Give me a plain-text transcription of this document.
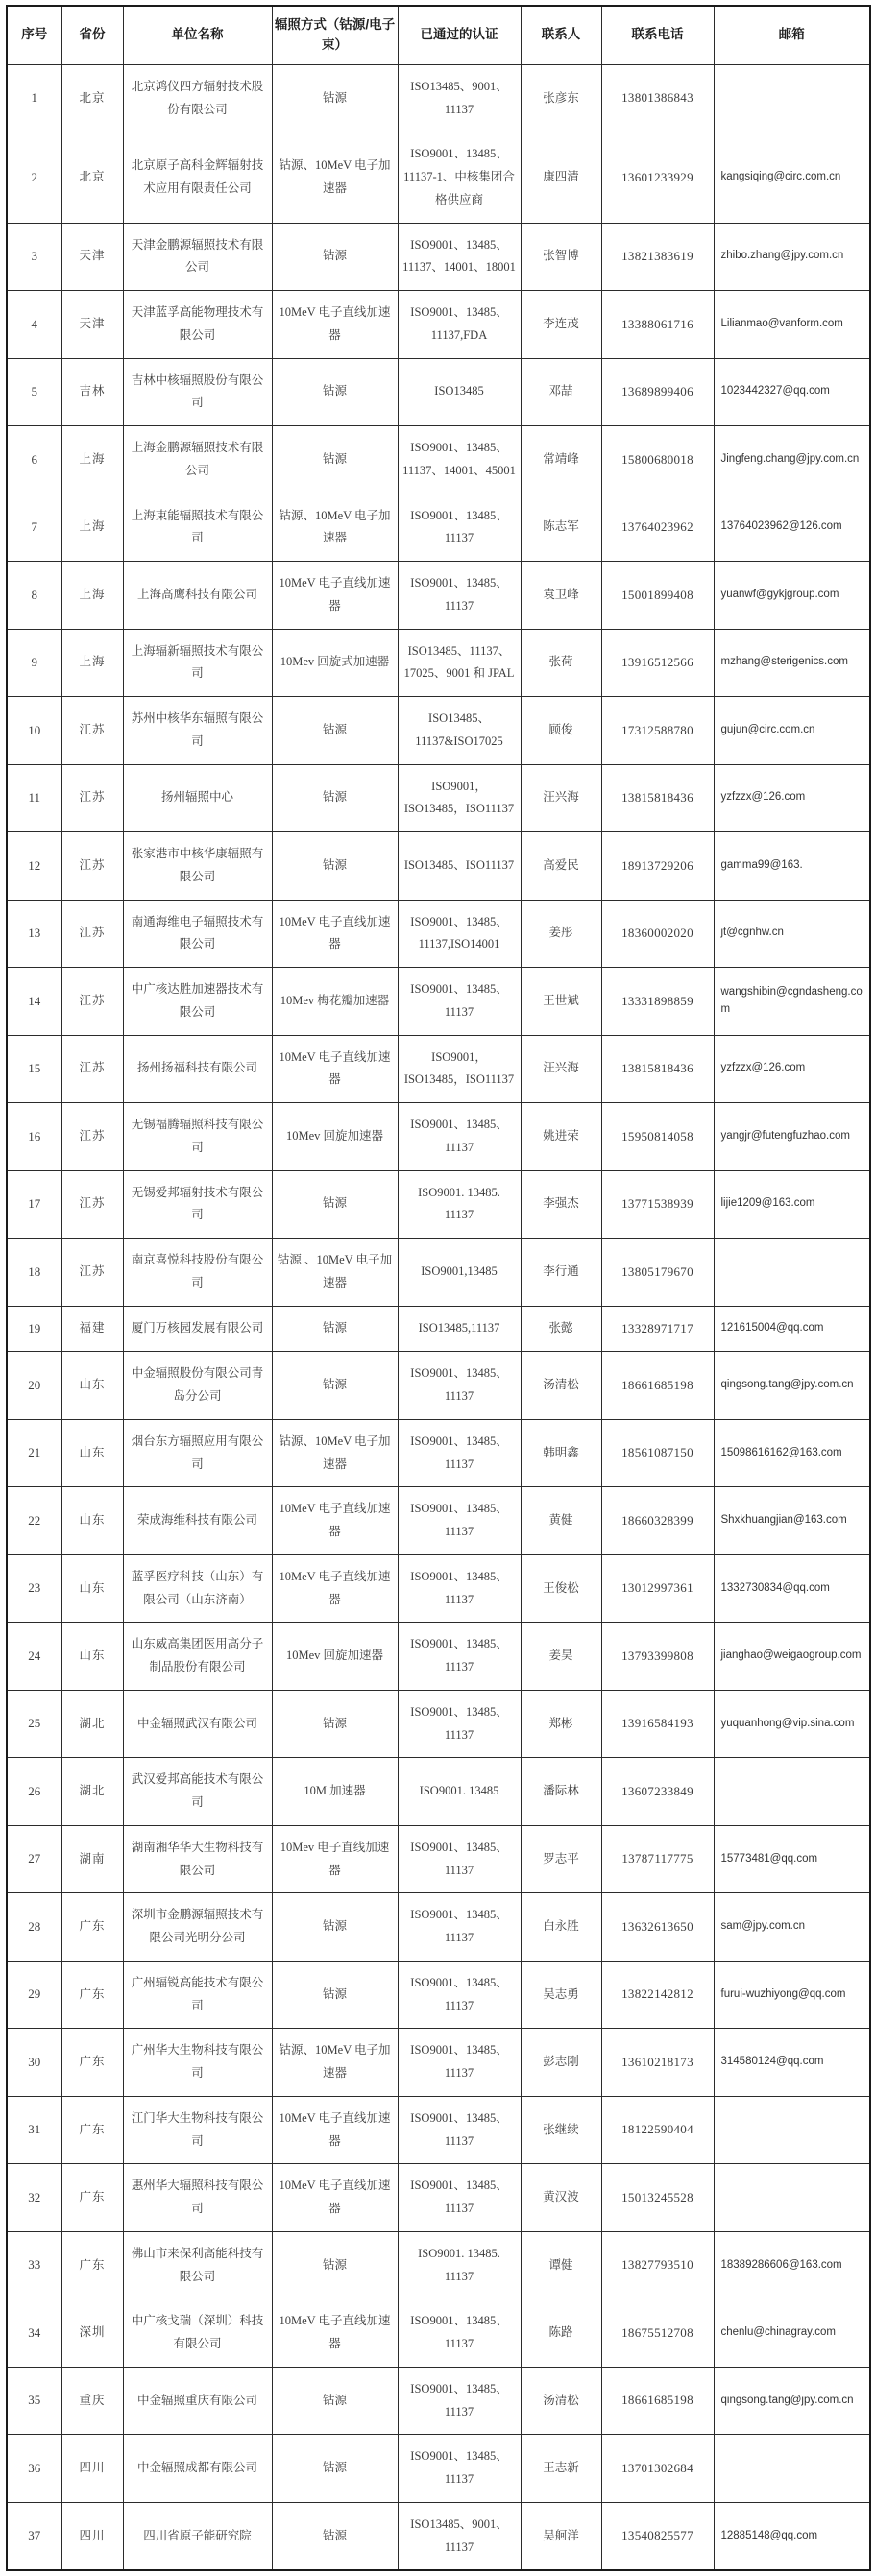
序号	省份	单位名称	辐照方式（钴源/电子束）	已通过的认证	联系人	联系电话	邮箱
1	北京	北京鸿仪四方辐射技术股份有限公司	钴源	ISO13485、9001、11137	张彦东	13801386843	
2	北京	北京原子高科金辉辐射技术应用有限责任公司	钴源、10MeV 电子加速器	ISO9001、13485、11137-1、中核集团合格供应商	康四清	13601233929	kangsiqing@circ.com.cn
3	天津	天津金鹏源辐照技术有限公司	钴源	ISO9001、13485、11137、14001、18001	张智博	13821383619	zhibo.zhang@jpy.com.cn
4	天津	天津蓝孚高能物理技术有限公司	10MeV 电子直线加速器	ISO9001、13485、11137,FDA	李连茂	13388061716	Lilianmao@vanform.com
5	吉林	吉林中核辐照股份有限公司	钴源	ISO13485	邓喆	13689899406	1023442327@qq.com
6	上海	上海金鹏源辐照技术有限公司	钴源	ISO9001、13485、11137、14001、45001	常靖峰	15800680018	Jingfeng.chang@jpy.com.cn
7	上海	上海束能辐照技术有限公司	钴源、10MeV 电子加速器	ISO9001、13485、11137	陈志军	13764023962	13764023962@126.com
8	上海	上海高鹰科技有限公司	10MeV 电子直线加速器	ISO9001、13485、11137	袁卫峰	15001899408	yuanwf@gykjgroup.com
9	上海	上海辐新辐照技术有限公司	10Mev 回旋式加速器	ISO13485、11137、17025、9001 和 JPAL	张荷	13916512566	mzhang@sterigenics.com
10	江苏	苏州中核华东辐照有限公司	钴源	ISO13485、11137&ISO17025	顾俊	17312588780	gujun@circ.com.cn
11	江苏	扬州辐照中心	钴源	ISO9001，ISO13485，ISO11137	汪兴海	13815818436	yzfzzx@126.com
12	江苏	张家港市中核华康辐照有限公司	钴源	ISO13485、ISO11137	高爱民	18913729206	gamma99@163.
13	江苏	南通海维电子辐照技术有限公司	10MeV 电子直线加速器	ISO9001、13485、11137,ISO14001	姜彤	18360002020	jt@cgnhw.cn
14	江苏	中广核达胜加速器技术有限公司	10Mev 梅花瓣加速器	ISO9001、13485、11137	王世斌	13331898859	wangshibin@cgndasheng.com
15	江苏	扬州扬福科技有限公司	10MeV 电子直线加速器	ISO9001，ISO13485，ISO11137	汪兴海	13815818436	yzfzzx@126.com
16	江苏	无锡福腾辐照科技有限公司	10Mev 回旋加速器	ISO9001、13485、11137	姚进荣	15950814058	yangjr@futengfuzhao.com
17	江苏	无锡爱邦辐射技术有限公司	钴源	ISO9001. 13485. 11137	李强杰	13771538939	lijie1209@163.com
18	江苏	南京喜悦科技股份有限公司	钴源 、10MeV 电子加速器	ISO9001,13485	李行通	13805179670	
19	福建	厦门万核园发展有限公司	钴源	ISO13485,11137	张懿	13328971717	121615004@qq.com
20	山东	中金辐照股份有限公司青岛分公司	钴源	ISO9001、13485、11137	汤清松	18661685198	qingsong.tang@jpy.com.cn
21	山东	烟台东方辐照应用有限公司	钴源、10MeV 电子加速器	ISO9001、13485、11137	韩明鑫	18561087150	15098616162@163.com
22	山东	荣成海维科技有限公司	10MeV 电子直线加速器	ISO9001、13485、11137	黄健	18660328399	Shxkhuangjian@163.com
23	山东	蓝孚医疗科技（山东）有限公司（山东济南）	10MeV 电子直线加速器	ISO9001、13485、11137	王俊松	13012997361	1332730834@qq.com
24	山东	山东威高集团医用高分子制品股份有限公司	10Mev 回旋加速器	ISO9001、13485、11137	姜昊	13793399808	jianghao@weigaogroup.com
25	湖北	中金辐照武汉有限公司	钴源	ISO9001、13485、11137	郑彬	13916584193	yuquanhong@vip.sina.com
26	湖北	武汉爱邦高能技术有限公司	10M 加速器	ISO9001. 13485	潘际林	13607233849	
27	湖南	湖南湘华华大生物科技有限公司	10Mev 电子直线加速器	ISO9001、13485、11137	罗志平	13787117775	15773481@qq.com
28	广东	深圳市金鹏源辐照技术有限公司光明分公司	钴源	ISO9001、13485、11137	白永胜	13632613650	sam@jpy.com.cn
29	广东	广州辐锐高能技术有限公司	钴源	ISO9001、13485、11137	吴志勇	13822142812	furui-wuzhiyong@qq.com
30	广东	广州华大生物科技有限公司	钴源、10MeV 电子加速器	ISO9001、13485、11137	彭志刚	13610218173	314580124@qq.com
31	广东	江门华大生物科技有限公司	10MeV 电子直线加速器	ISO9001、13485、11137	张继续	18122590404	
32	广东	惠州华大辐照科技有限公司	10MeV 电子直线加速器	ISO9001、13485、11137	黄汉波	15013245528	
33	广东	佛山市来保利高能科技有限公司	钴源	ISO9001. 13485. 11137	谭健	13827793510	18389286606@163.com
34	深圳	中广核戈瑞（深圳）科技有限公司	10MeV 电子直线加速器	ISO9001、13485、11137	陈路	18675512708	chenlu@chinagray.com
35	重庆	中金辐照重庆有限公司	钴源	ISO9001、13485、11137	汤清松	18661685198	qingsong.tang@jpy.com.cn
36	四川	中金辐照成都有限公司	钴源	ISO9001、13485、11137	王志新	13701302684	
37	四川	四川省原子能研究院	钴源	ISO13485、9001、11137	吴舸洋	13540825577	12885148@qq.com
